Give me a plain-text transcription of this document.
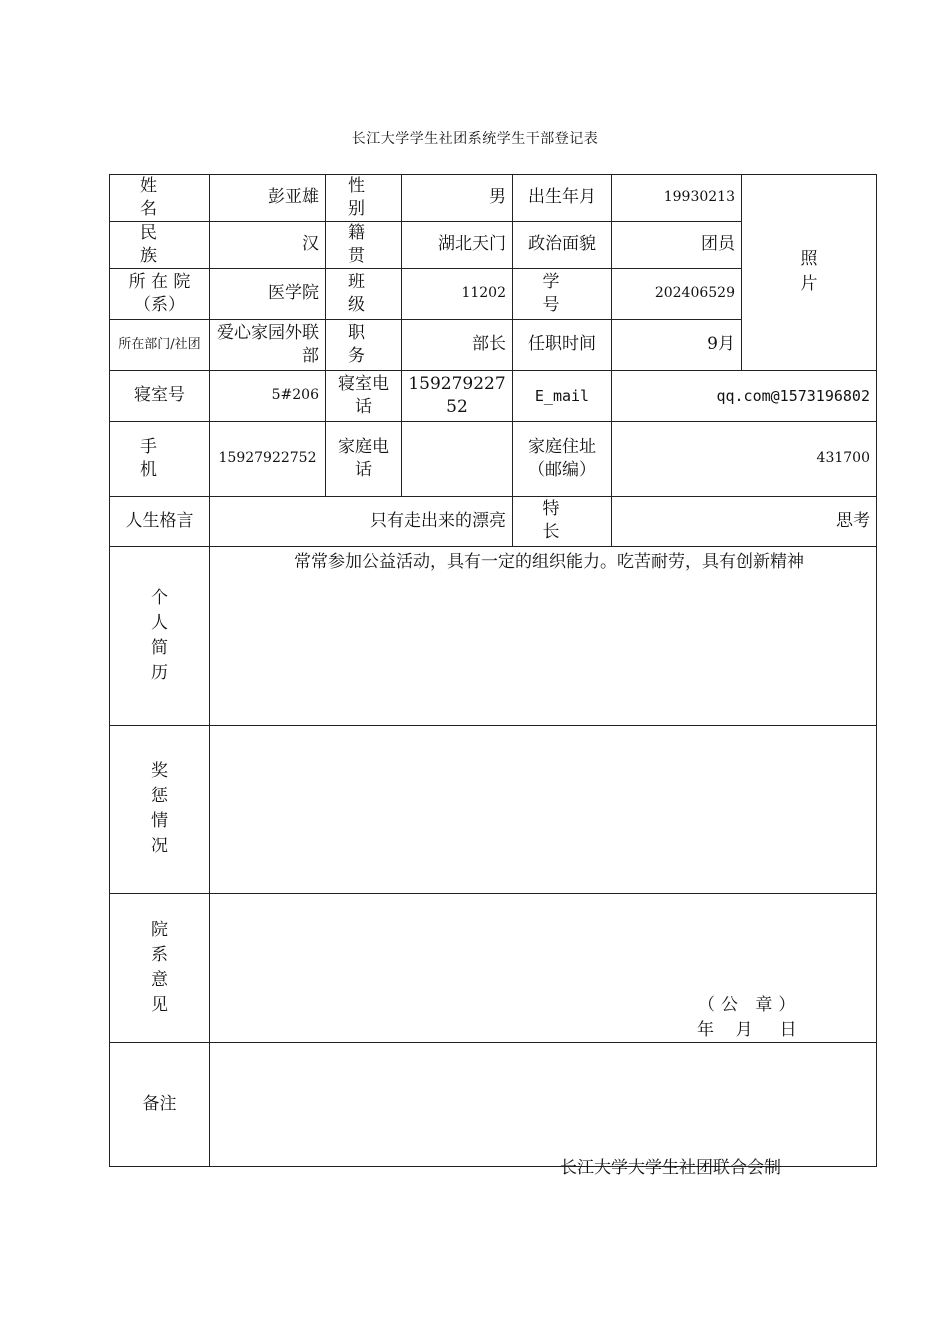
长江大学学生社团系统学生干部登记表
姓 名	彭亚雄	性 别	男	出生年月	19930213	照片
民 族	汉	籍 贯	湖北天门	政治面貌	团员	
所 在 院（系）	医学院	班 级	11202	学 号	202406529	
所在部门/社团	爱心家园外联部	职 务	部长	任职时间	9月	
寝室号	5#206	寝室电话	15927922752	E_mail	qq.com@1573196802	
手 机	15927922752	家庭电话		家庭住址（邮编）	431700	
人生格言	只有走出来的漂亮			特 长	思考	
个人简历	常常参加公益活动，具有一定的组织能力。吃苦耐劳，具有创新精神					
奖惩情况						
院系意见	（公 章）
年    月     日					

备注						
长江大学大学生社团联合会制
